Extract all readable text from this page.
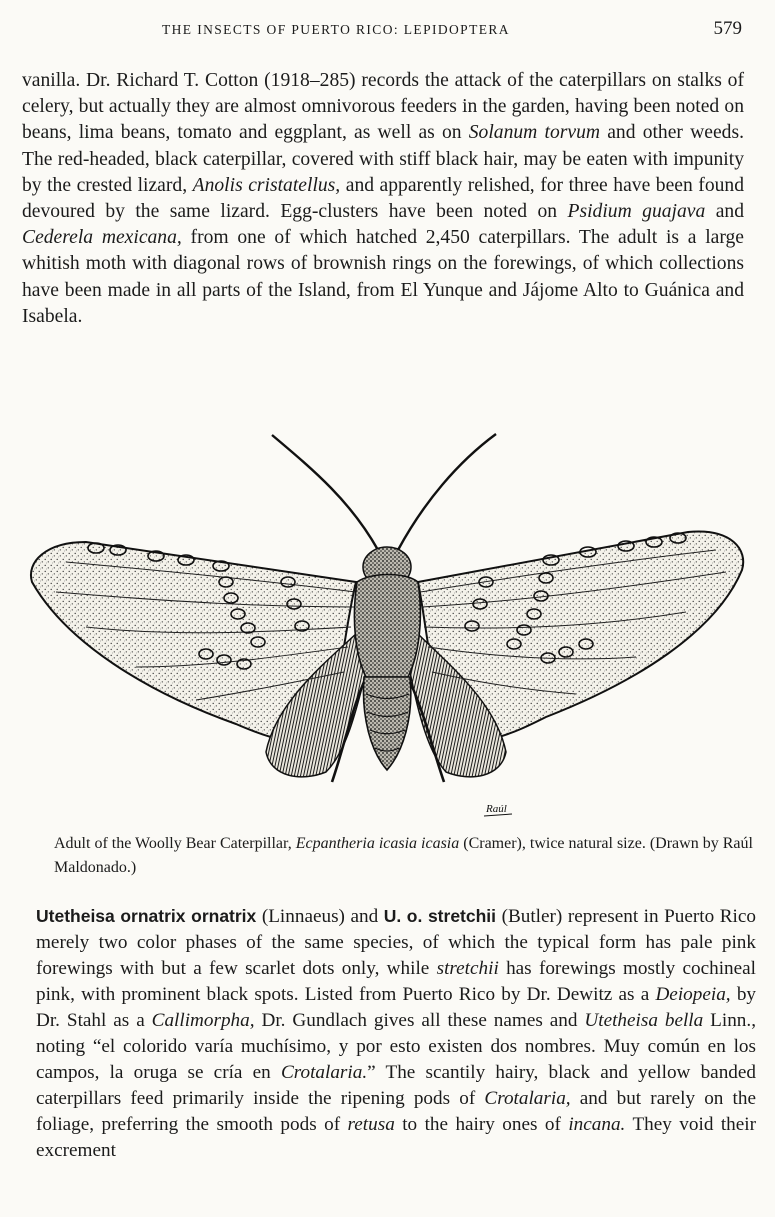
THE INSECTS OF PUERTO RICO: LEPIDOPTERA	579
vanilla. Dr. Richard T. Cotton (1918–285) records the attack of the caterpillars on stalks of celery, but actually they are almost omnivorous feeders in the garden, having been noted on beans, lima beans, tomato and eggplant, as well as on Solanum torvum and other weeds. The red-headed, black caterpillar, covered with stiff black hair, may be eaten with impunity by the crested lizard, Anolis cristatellus, and apparently relished, for three have been found devoured by the same lizard. Egg-clusters have been noted on Psidium guajava and Cederela mexicana, from one of which hatched 2,450 caterpillars. The adult is a large whitish moth with diagonal rows of brownish rings on the forewings, of which collections have been made in all parts of the Island, from El Yunque and Jájome Alto to Guánica and Isabela.
Raúl
Adult of the Woolly Bear Caterpillar, Ecpantheria icasia icasia (Cramer), twice natural size. (Drawn by Raúl Maldonado.)

Utetheisa ornatrix ornatrix (Linnaeus) and U. o. stretchii (Butler) represent in Puerto Rico merely two color phases of the same species, of which the typical form has pale pink forewings with but a few scarlet dots only, while stretchii has forewings mostly cochineal pink, with prominent black spots. Listed from Puerto Rico by Dr. Dewitz as a Deiopeia, by Dr. Stahl as a Callimorpha, Dr. Gundlach gives all these names and Utetheisa bella Linn., noting “el colorido varía muchísimo, y por esto existen dos nombres. Muy común en los campos, la oruga se cría en Crotalaria.” The scantily hairy, black and yellow banded caterpillars feed primarily inside the ripening pods of Crotalaria, and but rarely on the foliage, preferring the smooth pods of retusa to the hairy ones of incana. They void their excrement
